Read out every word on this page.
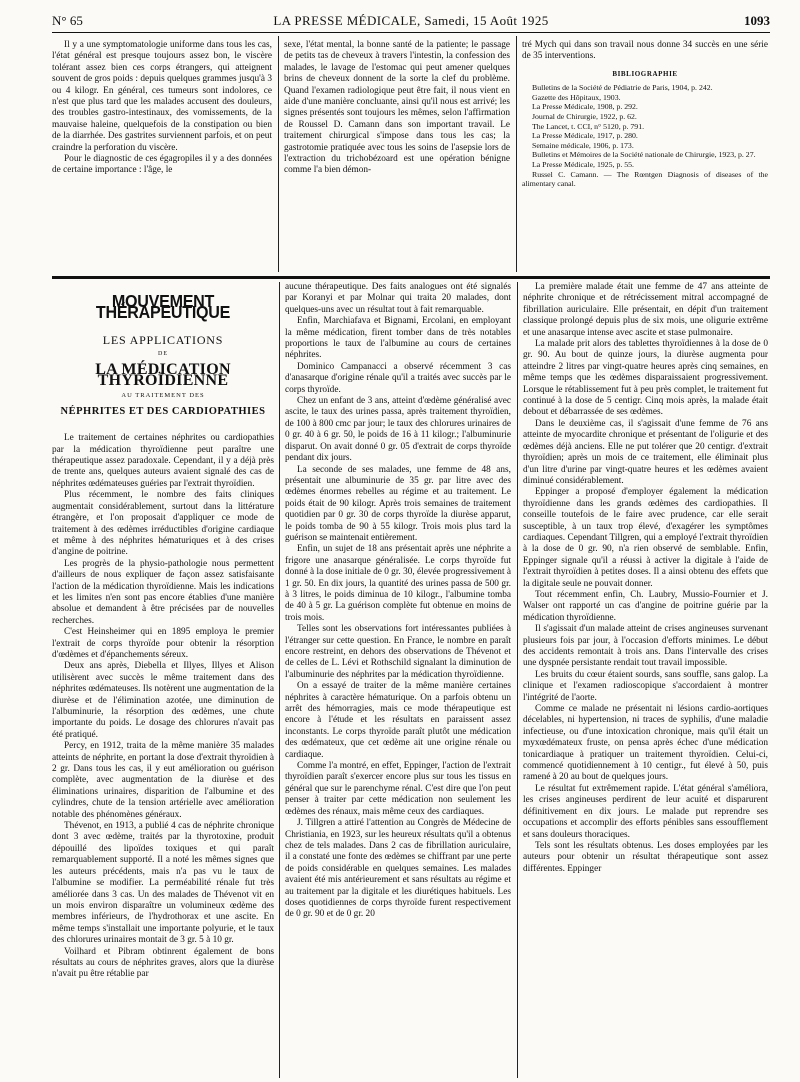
N° 65	LA PRESSE MÉDICALE, Samedi, 15 Août 1925	1093

Il y a une symptomatologie uniforme dans tous les cas, l'état général est presque toujours assez bon, le viscère tolérant assez bien ces corps étrangers, qui atteignent souvent de gros poids : depuis quelques grammes jusqu'à 3 ou 4 kilogr. En général, ces tumeurs sont indolores, ce n'est que plus tard que les malades accusent des douleurs, des troubles gastro-intestinaux, des vomissements, de la mauvaise haleine, quelquefois de la constipation ou bien de la diarrhée. Des gastrites surviennent parfois, et on peut craindre la perforation du viscère.

Pour le diagnostic de ces égagropiles il y a des données de certaine importance : l'âge, le

sexe, l'état mental, la bonne santé de la patiente; le passage de petits tas de cheveux à travers l'intestin, la confession des malades, le lavage de l'estomac qui peut amener quelques brins de cheveux donnent de la sorte la clef du problème. Quand l'examen radiologique peut être fait, il nous vient en aide d'une manière concluante, ainsi qu'il nous est arrivé; les signes présentés sont toujours les mêmes, selon l'affirmation de Roussel D. Camann dans son important travail. Le traitement chirurgical s'impose dans tous les cas; la gastrotomie pratiquée avec tous les soins de l'asepsie lors de l'extraction du trichobézoard est une opération bénigne comme l'a bien démon-

tré Mych qui dans son travail nous donne 34 succès en une série de 35 interventions.

BIBLIOGRAPHIE
Bulletins de la Société de Pédiatrie de Paris, 1904, p. 242.
Gazette des Hôpitaux, 1903.
La Presse Médicale, 1908, p. 292.
Journal de Chirurgie, 1922, p. 62.
The Lancet, t. CCI, n° 5120, p. 791.
La Presse Médicale, 1917, p. 280.
Semaine médicale, 1906, p. 173.
Bulletins et Mémoires de la Société nationale de Chirurgie, 1923, p. 27.
La Presse Médicale, 1925, p. 55.
Russel C. Camann. — The Rœntgen Diagnosis of diseases of the alimentary canal.
MOUVEMENT THÉRAPEUTIQUE
LES APPLICATIONS
DE
LA MÉDICATION THYROÏDIENNE
AU TRAITEMENT DES
NÉPHRITES ET DES CARDIOPATHIES

Le traitement de certaines néphrites ou cardiopathies par la médication thyroïdienne peut paraître une thérapeutique assez paradoxale. Cependant, il y a déjà près de trente ans, quelques auteurs avaient signalé des cas de néphrites œdémateuses guéries par l'extrait thyroïdien.

Plus récemment, le nombre des faits cliniques augmentait considérablement, surtout dans la littérature étrangère, et l'on proposait d'appliquer ce mode de traitement à des œdèmes irréductibles d'origine cardiaque et même à des néphrites hématuriques et à des crises d'angine de poitrine.

Les progrès de la physio-pathologie nous permettent d'ailleurs de nous expliquer de façon assez satisfaisante l'action de la médication thyroïdienne. Mais les indications et les limites n'en sont pas encore établies d'une manière absolue et demandent à être précisées par de nouvelles recherches.

C'est Heinsheimer qui en 1895 employa le premier l'extrait de corps thyroïde pour obtenir la résorption d'œdèmes et d'épanchements séreux.

Deux ans après, Diebella et Illyes, Illyes et Alison utilisèrent avec succès le même traitement dans des néphrites œdémateuses. Ils notèrent une augmentation de la diurèse et de l'élimination azotée, une diminution de l'albuminurie, la résorption des œdèmes, une chute importante du poids. Le dosage des chlorures n'avait pas été pratiqué.

Percy, en 1912, traita de la même manière 35 malades atteints de néphrite, en portant la dose d'extrait thyroïdien à 2 gr. Dans tous les cas, il y eut amélioration ou guérison complète, avec augmentation de la diurèse et des éliminations urinaires, disparition de l'albumine et des cylindres, chute de la tension artérielle avec amélioration notable des phénomènes généraux.

Thévenot, en 1913, a publié 4 cas de néphrite chronique dont 3 avec œdème, traités par la thyrotoxine, produit dépouillé des lipoïdes toxiques et qui paraît remarquablement supporté. Il a noté les mêmes signes que les auteurs précédents, mais n'a pas vu le taux de l'albumine se modifier. La perméabilité rénale fut très améliorée dans 3 cas. Un des malades de Thévenot vit en un mois environ disparaître un volumineux œdème des membres inférieurs, de l'hydrothorax et une ascite. En même temps s'installait une importante polyurie, et le taux des chlorures urinaires montait de 3 gr. 5 à 10 gr.

Voilhard et Pibram obtinrent également de bons résultats au cours de néphrites graves, alors que la diurèse n'avait pu être rétablie par

aucune thérapeutique. Des faits analogues ont été signalés par Koranyi et par Molnar qui traita 20 malades, dont quelques-uns avec un résultat tout à fait remarquable.

Enfin, Marchiafava et Bignami, Ercolani, en employant la même médication, firent tomber dans de très notables proportions le taux de l'albumine au cours de certaines néphrites.

Dominico Campanacci a observé récemment 3 cas d'anasarque d'origine rénale qu'il a traités avec succès par le corps thyroïde.

Chez un enfant de 3 ans, atteint d'œdème généralisé avec ascite, le taux des urines passa, après traitement thyroïdien, de 100 à 800 cmc par jour; le taux des chlorures urinaires de 0 gr. 40 à 6 gr. 50, le poids de 16 à 11 kilogr.; l'albuminurie disparut. On avait donné 0 gr. 05 d'extrait de corps thyroïde pendant dix jours.

La seconde de ses malades, une femme de 48 ans, présentait une albuminurie de 35 gr. par litre avec des œdèmes énormes rebelles au régime et au traitement. Le poids était de 90 kilogr. Après trois semaines de traitement quotidien par 0 gr. 30 de corps thyroïde la diurèse apparut, le poids tomba de 90 à 55 kilogr. Trois mois plus tard la guérison se maintenait entièrement.

Enfin, un sujet de 18 ans présentait après une néphrite a frigore une anasarque généralisée. Le corps thyroïde fut donné à la dose initiale de 0 gr. 30, élevée progressivement à 1 gr. 50. En dix jours, la quantité des urines passa de 500 gr. à 3 litres, le poids diminua de 10 kilogr., l'albumine tomba de 40 à 5 gr. La guérison complète fut obtenue en moins de trois mois.

Telles sont les observations fort intéressantes publiées à l'étranger sur cette question. En France, le nombre en paraît encore restreint, en dehors des observations de Thévenot et de celles de L. Lévi et Rothschild signalant la diminution de l'albuminurie des néphrites par la médication thyroïdienne.

On a essayé de traiter de la même manière certaines néphrites à caractère hématurique. On a parfois obtenu un arrêt des hémorragies, mais ce mode thérapeutique est encore à l'étude et les résultats en paraissent assez inconstants. Le corps thyroïde paraît plutôt une médication des œdémateux, que cet œdème ait une origine rénale ou cardiaque.

Comme l'a montré, en effet, Eppinger, l'action de l'extrait thyroïdien paraît s'exercer encore plus sur tous les tissus en général que sur le parenchyme rénal. C'est dire que l'on peut penser à traiter par cette médication non seulement les œdèmes des rénaux, mais même ceux des cardiaques.

J. Tillgren a attiré l'attention au Congrès de Médecine de Christiania, en 1923, sur les heureux résultats qu'il a obtenus chez de tels malades. Dans 2 cas de fibrillation auriculaire, il a constaté une fonte des œdèmes se chiffrant par une perte de poids considérable en quelques semaines. Les malades avaient été mis antérieurement et sans résultats au régime et au traitement par la digitale et les diurétiques habituels. Les doses quotidiennes de corps thyroïde furent respectivement de 0 gr. 90 et de 0 gr. 20

La première malade était une femme de 47 ans atteinte de néphrite chronique et de rétrécissement mitral accompagné de fibrillation auriculaire. Elle présentait, en dépit d'un traitement classique prolongé depuis plus de six mois, une oligurie extrême et une anasarque intense avec ascite et stase pulmonaire.

La malade prit alors des tablettes thyroïdiennes à la dose de 0 gr. 90. Au bout de quinze jours, la diurèse augmenta pour atteindre 2 litres par vingt-quatre heures après cinq semaines, en même temps que les œdèmes disparaissaient progressivement. Lorsque le rétablissement fut à peu près complet, le traitement fut continué à la dose de 5 centigr. Cinq mois après, la malade était debout et débarrassée de ses œdèmes.

Dans le deuxième cas, il s'agissait d'une femme de 76 ans atteinte de myocardite chronique et présentant de l'oligurie et des œdèmes déjà anciens. Elle ne put tolérer que 20 centigr. d'extrait thyroïdien; après un mois de ce traitement, elle éliminait plus d'un litre d'urine par vingt-quatre heures et les œdèmes avaient diminué considérablement.

Eppinger a proposé d'employer également la médication thyroïdienne dans les grands œdèmes des cardiopathies. Il conseille toutefois de le faire avec prudence, car elle serait susceptible, à un taux trop élevé, d'exagérer les symptômes cardiaques. Cependant Tillgren, qui a employé l'extrait thyroïdien à la dose de 0 gr. 90, n'a rien observé de semblable. Enfin, Eppinger signale qu'il a réussi à activer la digitale à l'aide de l'extrait thyroïdien à petites doses. Il a ainsi obtenu des effets que la digitale seule ne pouvait donner.

Tout récemment enfin, Ch. Laubry, Mussio-Fournier et J. Walser ont rapporté un cas d'angine de poitrine guérie par la médication thyroïdienne.

Il s'agissait d'un malade atteint de crises angineuses survenant plusieurs fois par jour, à l'occasion d'efforts minimes. Le début des accidents remontait à trois ans. Dans l'intervalle des crises une dyspnée persistante rendait tout travail impossible.

Les bruits du cœur étaient sourds, sans souffle, sans galop. La clinique et l'examen radioscopique s'accordaient à montrer l'intégrité de l'aorte.

Comme ce malade ne présentait ni lésions cardio-aortiques décelables, ni hypertension, ni traces de syphilis, d'une maladie infectieuse, ou d'une intoxication chronique, mais qu'il était un myxœdémateux fruste, on pensa après échec d'une médication tonicardiaque à pratiquer un traitement thyroïdien. Celui-ci, commencé quotidiennement à 10 centigr., fut élevé à 50, puis ramené à 20 au bout de quelques jours.

Le résultat fut extrêmement rapide. L'état général s'améliora, les crises angineuses perdirent de leur acuité et disparurent définitivement en dix jours. Le malade put reprendre ses occupations et accomplir des efforts pénibles sans essoufflement et sans douleurs thoraciques.

Tels sont les résultats obtenus. Les doses employées par les auteurs pour obtenir un résultat thérapeutique sont assez différentes. Eppinger
